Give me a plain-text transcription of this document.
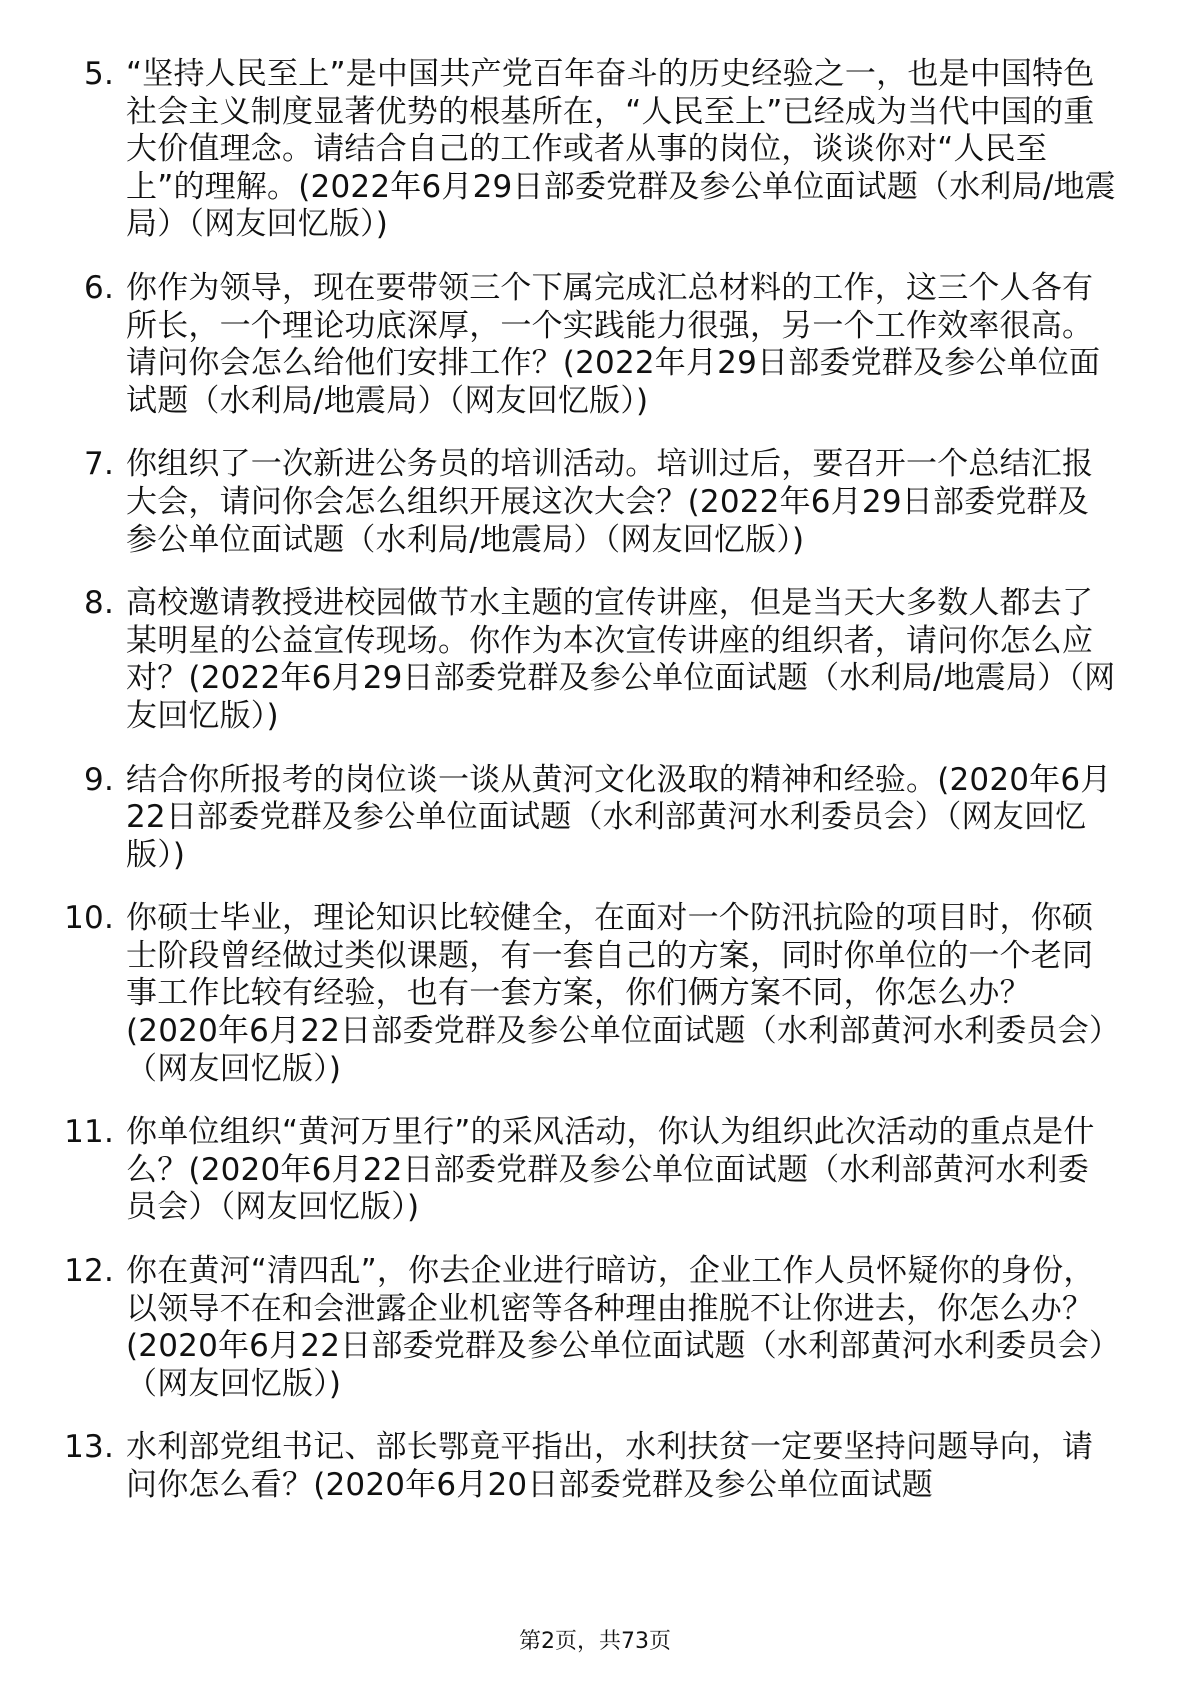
5. “坚持人民至上”是中国共产党百年奋斗的历史经验之一，也是中国特色社会主义制度显著优势的根基所在，“人民至上”已经成为当代中国的重大价值理念。请结合自己的工作或者从事的岗位，谈谈你对“人民至上”的理解。(2022年6月29日部委党群及参公单位面试题（水利局/地震局）（网友回忆版）)
6. 你作为领导，现在要带领三个下属完成汇总材料的工作，这三个人各有所长，一个理论功底深厚，一个实践能力很强，另一个工作效率很高。请问你会怎么给他们安排工作？(2022年月29日部委党群及参公单位面试题（水利局/地震局）（网友回忆版）)
7. 你组织了一次新进公务员的培训活动。培训过后，要召开一个总结汇报大会，请问你会怎么组织开展这次大会？(2022年6月29日部委党群及参公单位面试题（水利局/地震局）（网友回忆版）)
8. 高校邀请教授进校园做节水主题的宣传讲座，但是当天大多数人都去了某明星的公益宣传现场。你作为本次宣传讲座的组织者，请问你怎么应对？(2022年6月29日部委党群及参公单位面试题（水利局/地震局）（网友回忆版）)
9. 结合你所报考的岗位谈一谈从黄河文化汲取的精神和经验。(2020年6月22日部委党群及参公单位面试题（水利部黄河水利委员会）（网友回忆版）)
10. 你硕士毕业，理论知识比较健全，在面对一个防汛抗险的项目时，你硕士阶段曾经做过类似课题，有一套自己的方案，同时你单位的一个老同事工作比较有经验，也有一套方案，你们俩方案不同，你怎么办？(2020年6月22日部委党群及参公单位面试题（水利部黄河水利委员会）（网友回忆版）)
11. 你单位组织“黄河万里行”的采风活动，你认为组织此次活动的重点是什么？(2020年6月22日部委党群及参公单位面试题（水利部黄河水利委员会）（网友回忆版）)
12. 你在黄河“清四乱”，你去企业进行暗访，企业工作人员怀疑你的身份，以领导不在和会泄露企业机密等各种理由推脱不让你进去，你怎么办？(2020年6月22日部委党群及参公单位面试题（水利部黄河水利委员会）（网友回忆版）)
13. 水利部党组书记、部长鄂竟平指出，水利扶贫一定要坚持问题导向，请问你怎么看？(2020年6月20日部委党群及参公单位面试题
第2页，共73页
